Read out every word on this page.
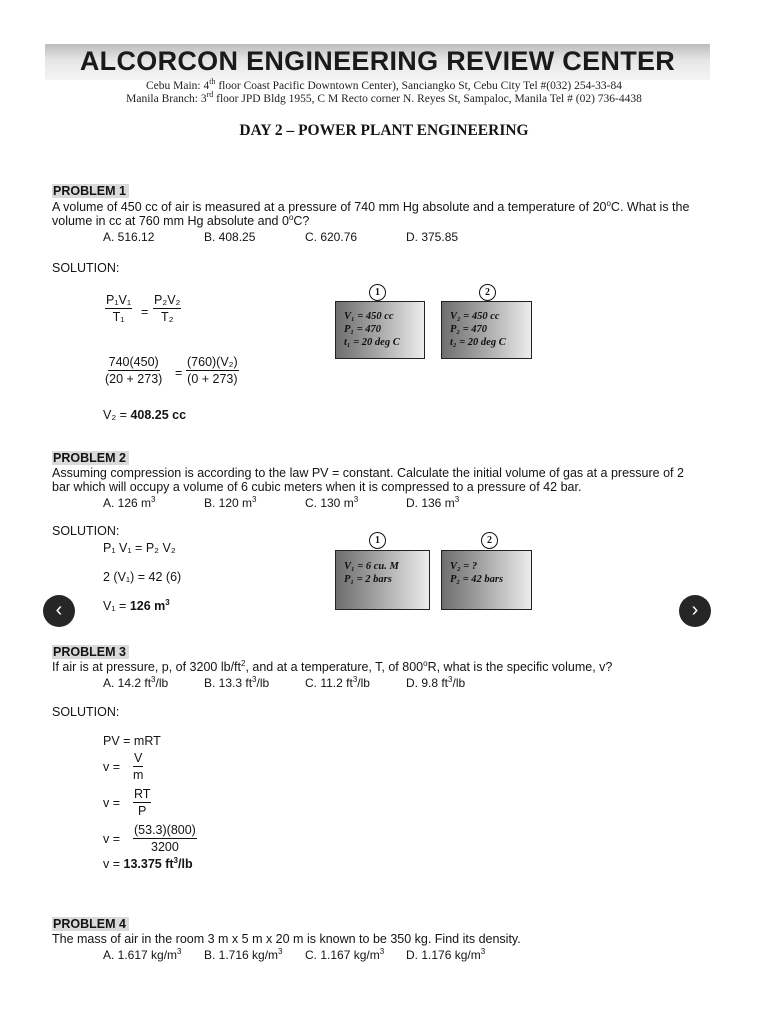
ALCORCON ENGINEERING REVIEW CENTER
Cebu Main: 4th floor Coast Pacific Downtown Center), Sanciangko St, Cebu City Tel #(032) 254-33-84
Manila Branch: 3rd floor JPD Bldg 1955, C M Recto corner N. Reyes St, Sampaloc, Manila Tel # (02) 736-4438
DAY 2 – POWER PLANT ENGINEERING
PROBLEM 1
A volume of 450 cc of air is measured at a pressure of 740 mm Hg absolute and a temperature of 20$^o$C. What is the
volume in cc at 760 mm Hg absolute and 0$^o$C?
A. 516.12	B. 408.25	C. 620.76	D. 375.85
SOLUTION:
$\frac{\text{P₁V₁}}{\text{T₁}} = \frac{\text{P₂V₂}}{\text{T₂}}$
$\frac{740(450)}{(20 + 273)} = \frac{\text{(760)(V₂)}}{(0 + 273)}$
V₂ = 408.25 cc
1	2
V₁ = 450 cc
P₁ = 470
t₁ = 20 deg C
V₂ = 450 cc
P₂ = 470
t₂ = 20 deg C
PROBLEM 2
Assuming compression is according to the law PV = constant. Calculate the initial volume of gas at a pressure of 2
bar which will occupy a volume of 6 cubic meters when it is compressed to a pressure of 42 bar.
A. 126 $m^3$	B. 120 $m^3$	C. 130 $m^3$	D. 136 $m^3$
SOLUTION:
P₁ V₁ = P₂ V₂
2 (V₁) = 42 (6)
V₁ = 126 $m^3$
1	2
V₁ = 6 cu. M
P₁ = 2 bars
V₂ = ?
P₂ = 42 bars
PROBLEM 3
If air is at pressure, p, of 3200 $lb/ft^2$, and at a temperature, T, of 800$^o$R, what is the specific volume, v?
A. 14.2 $ft^3/lb$	B. 13.3 $ft^3/lb$	C. 11.2 $ft^3/lb$	D. 9.8 $ft^3/lb$
SOLUTION:
PV = mRT
$v = \frac{V}{m}$
$v = \frac{RT}{P}$
$v = \frac{(53.3)(800)}{3200}$
v = 13.375 $ft^3/lb$
PROBLEM 4
The mass of air in the room 3 m x 5 m x 20 m is known to be 350 kg. Find its density.
A. 1.617 $kg/m^3$ B. 1.716 $kg/m^3$ C. 1.167 $kg/m^3$ D. 1.176 $kg/m^3$
‹	›
